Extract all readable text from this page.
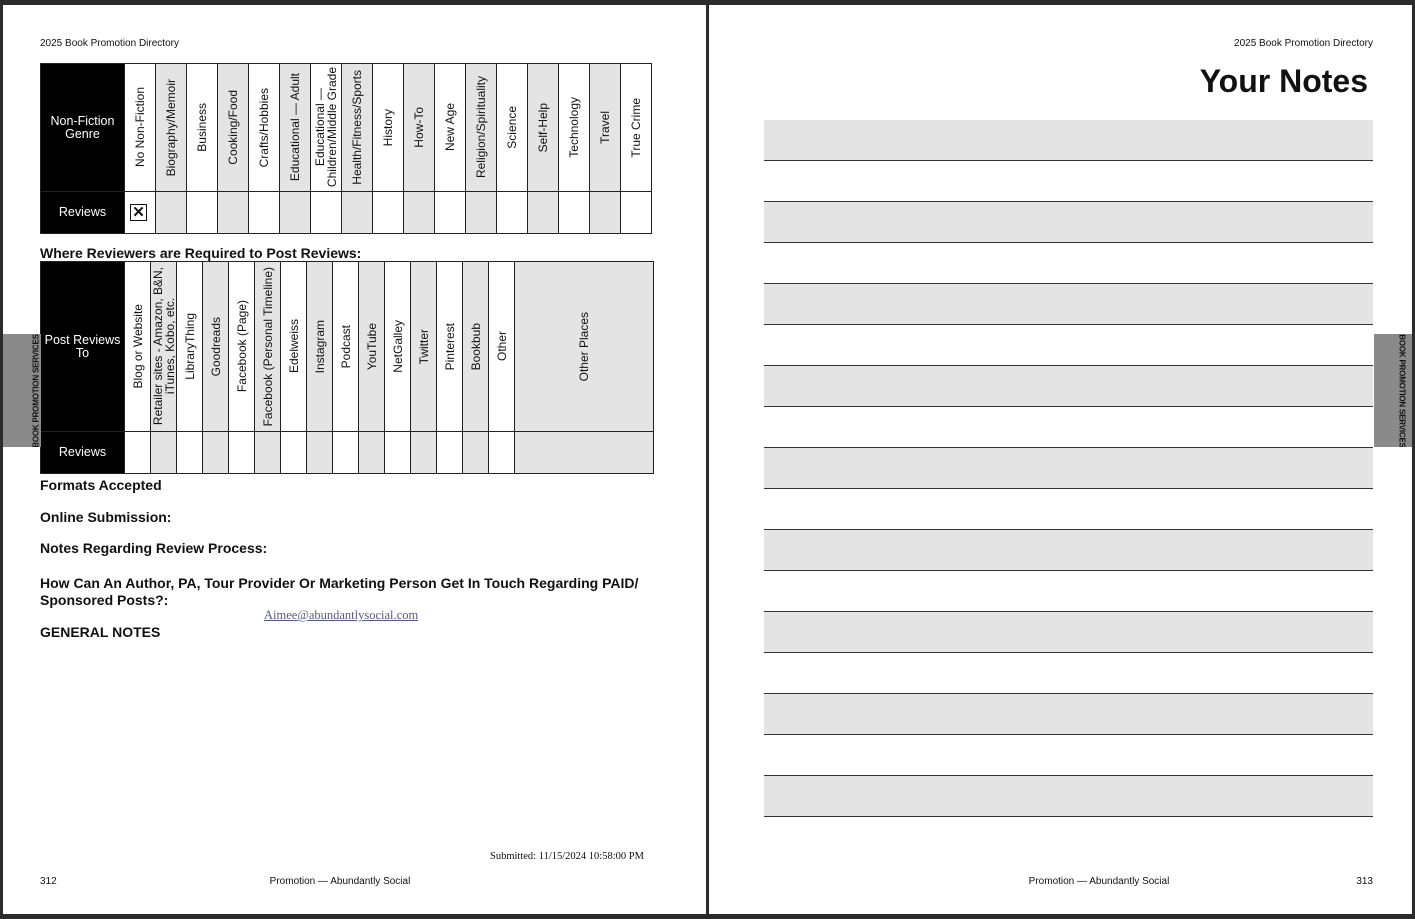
2025 Book Promotion Directory
Non-Fiction Genre	No Non-Fiction	Biography/Memoir	Business	Cooking/Food	Crafts/Hobbies	Educational — Adult	Educational —
Children/Middle Grade	Health/Fitness/Sports	History	How-To	New Age	Religion/Spirituality	Science	Self-Help	Technology	Travel	True Crime

Reviews	✕																

Where Reviewers are Required to Post Reviews:
Post Reviews To	Blog or Website	Retailer sites - Amazon, B&N,
iTunes, Kobo, etc.	LibraryThing	Goodreads	Facebook (Page)	Facebook (Personal Timeline)	Edelweiss	Instagram	Podcast	YouTube	NetGalley	Twitter	Pinterest	Bookbub	Other	Other Places

Reviews																
Formats Accepted
Online Submission:
Notes Regarding Review Process:
How Can An Author, PA, Tour Provider Or Marketing Person Get In Touch Regarding PAID/ Sponsored Posts?:
Aimee@abundantlysocial.com
GENERAL NOTES
Submitted: 11/15/2024 10:58:00 PM
Promotion — Abundantly Social
312
BOOK PROMOTION SERVICES
2025 Book Promotion Directory
Your Notes
Promotion — Abundantly Social	313
BOOK PROMOTION SERVICES
